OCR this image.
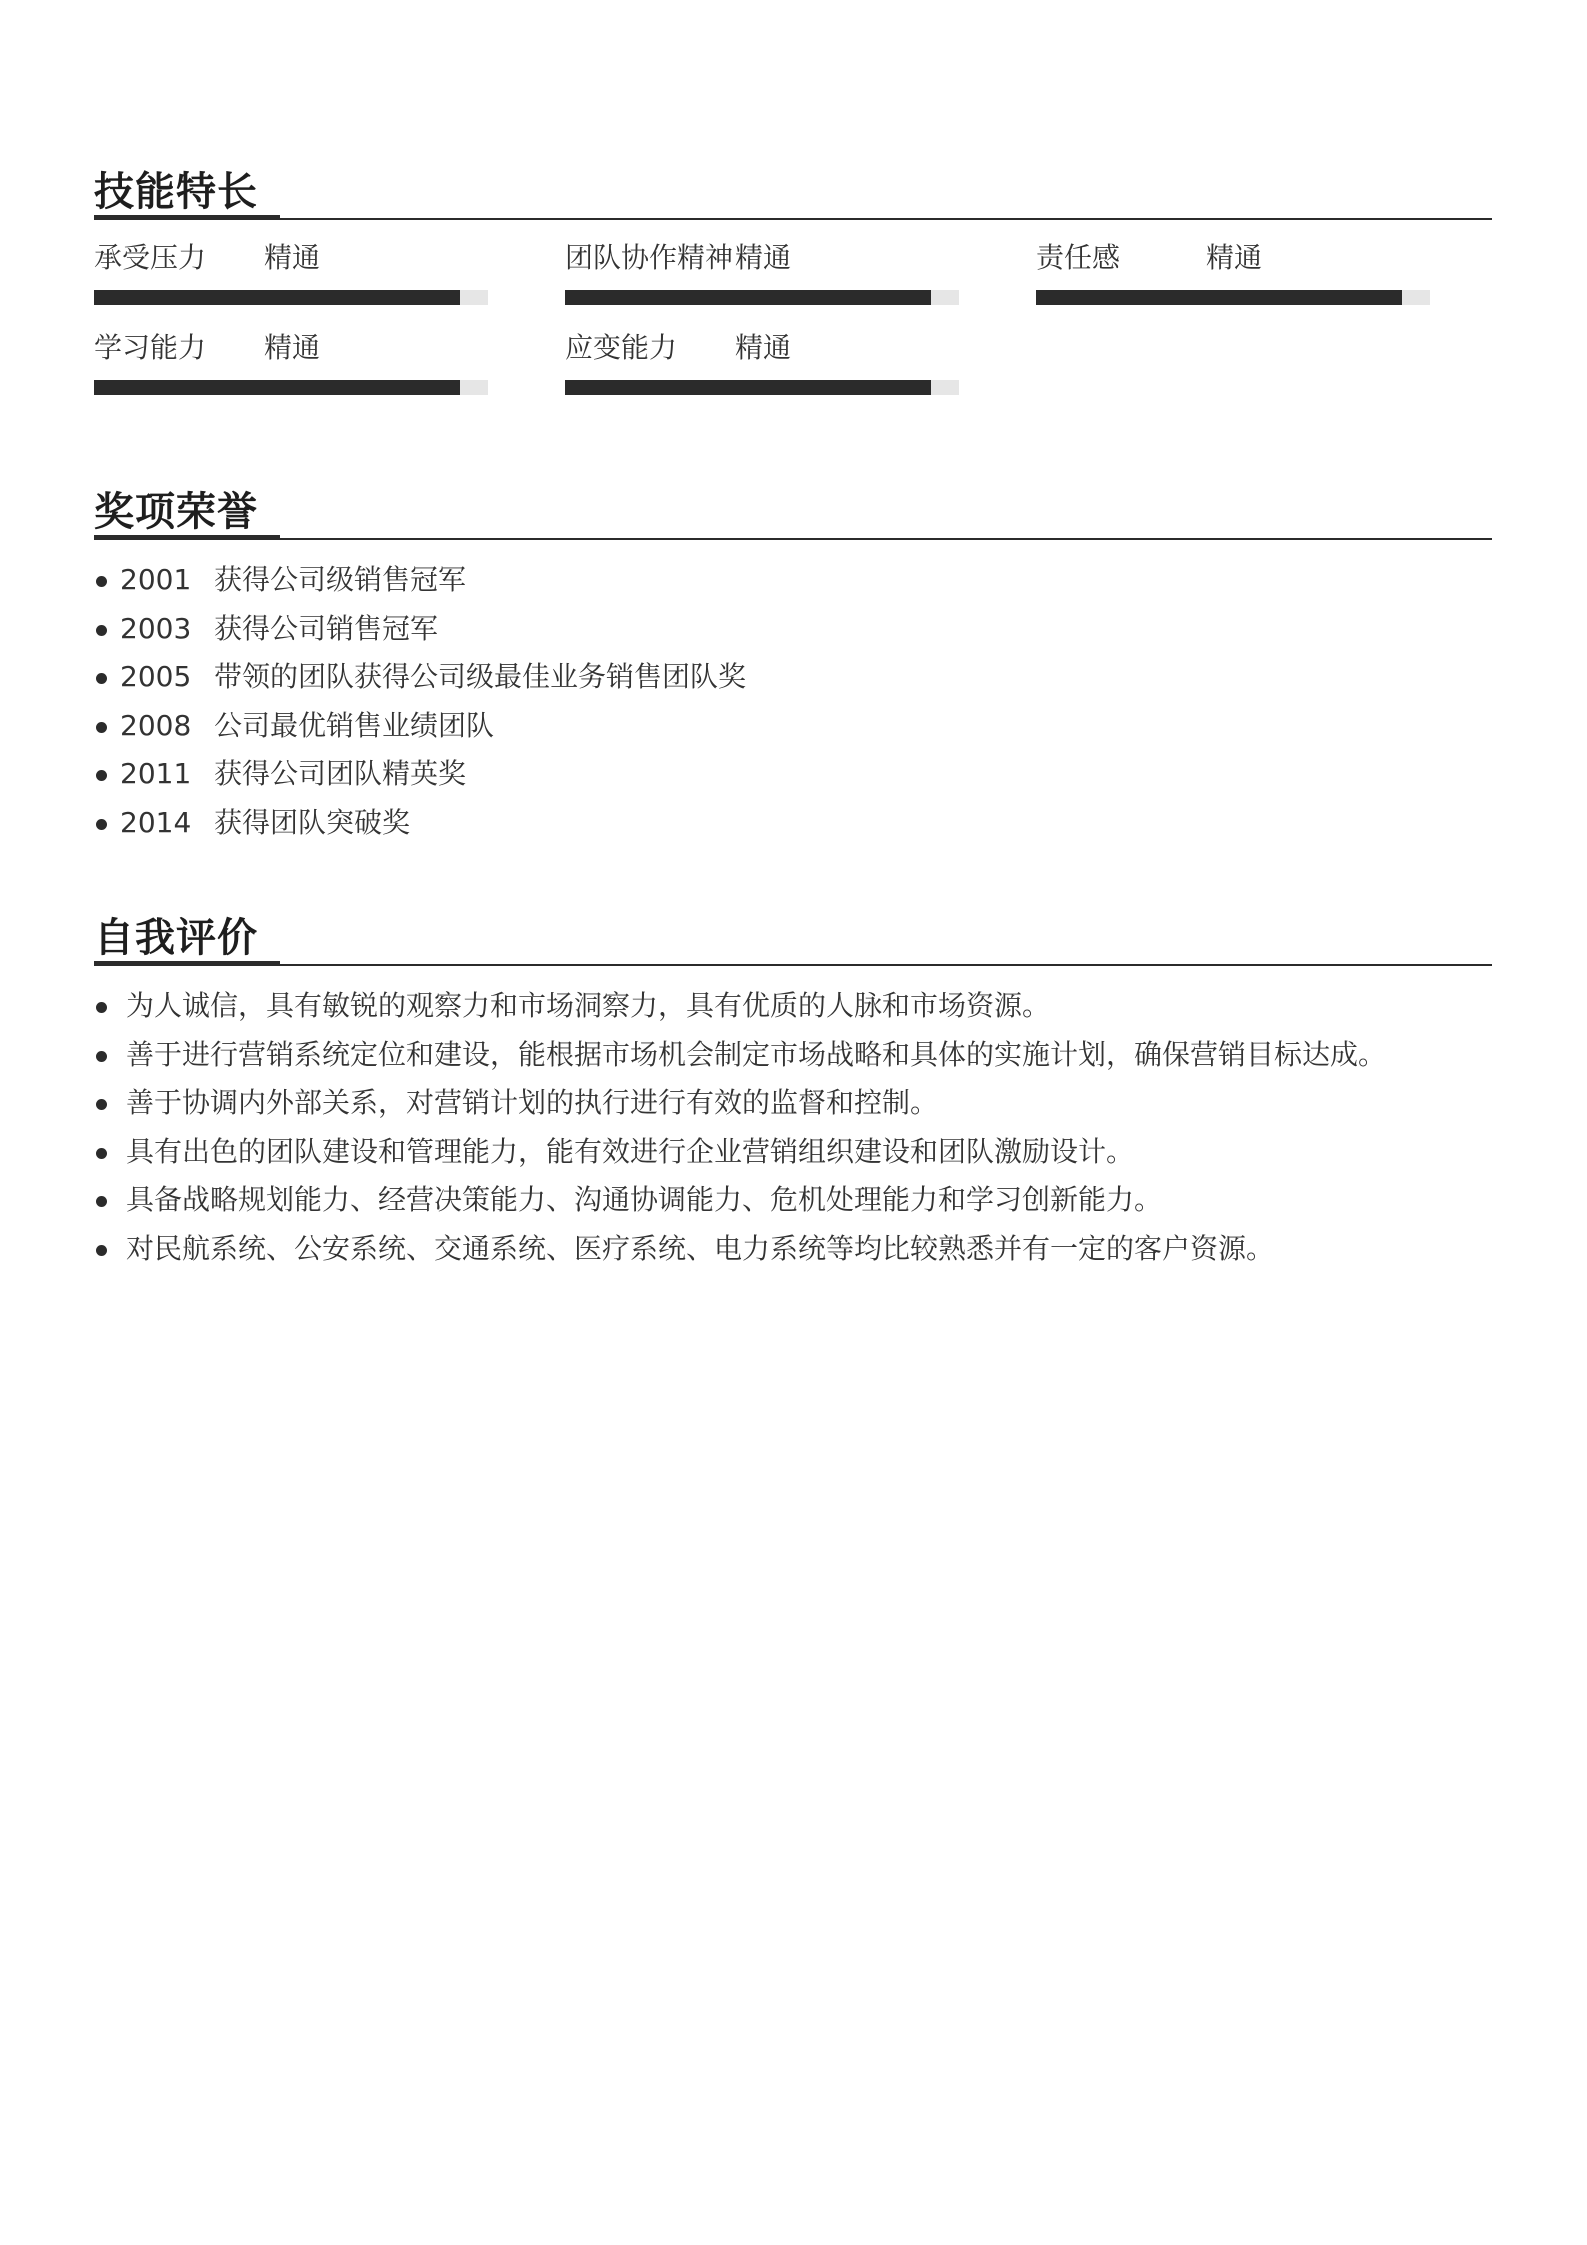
技能特长
承受压力 精通	团队协作精神精通	责任感	精通
学习能力 精通	应变能力 精通
奖项荣誉
2001 获得公司级销售冠军
2003 获得公司销售冠军
2005 带领的团队获得公司级最佳业务销售团队奖
2008 公司最优销售业绩团队
2011 获得公司团队精英奖
2014 获得团队突破奖
自我评价
为人诚信，具有敏锐的观察力和市场洞察力，具有优质的人脉和市场资源。
善于进行营销系统定位和建设，能根据市场机会制定市场战略和具体的实施计划，确保营销目标达成。
善于协调内外部关系，对营销计划的执行进行有效的监督和控制。
具有出色的团队建设和管理能力，能有效进行企业营销组织建设和团队激励设计。
具备战略规划能力、经营决策能力、沟通协调能力、危机处理能力和学习创新能力。
对民航系统、公安系统、交通系统、医疗系统、电力系统等均比较熟悉并有一定的客户资源。
